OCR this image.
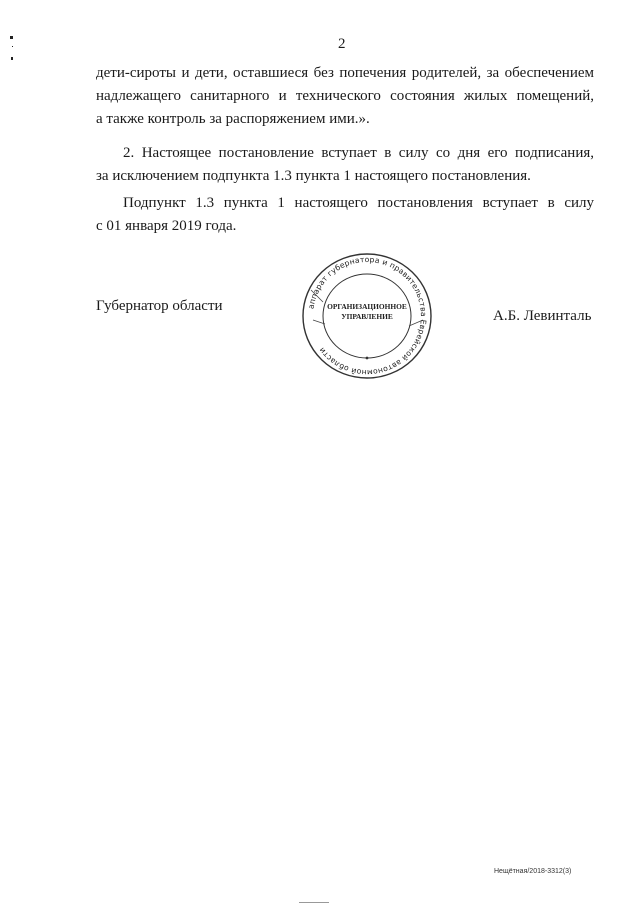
2
дети-сироты и дети, оставшиеся без попечения родителей, за обеспечением
надлежащего санитарного и технического состояния жилых помещений,
а также контроль за распоряжением ими.».
2. Настоящее постановление вступает в силу со дня его подписания,
за исключением подпункта 1.3 пункта 1 настоящего постановления.
Подпункт 1.3 пункта 1 настоящего постановления вступает в силу
с 01 января 2019 года.
Губернатор области	аппарат губернатора и правительства Еврейской автономной области
ОРГАНИЗАЦИОННОЕ
УПРАВЛЕНИЕ	А.Б. Левинталь
Нещётная/2018-3312(3)
